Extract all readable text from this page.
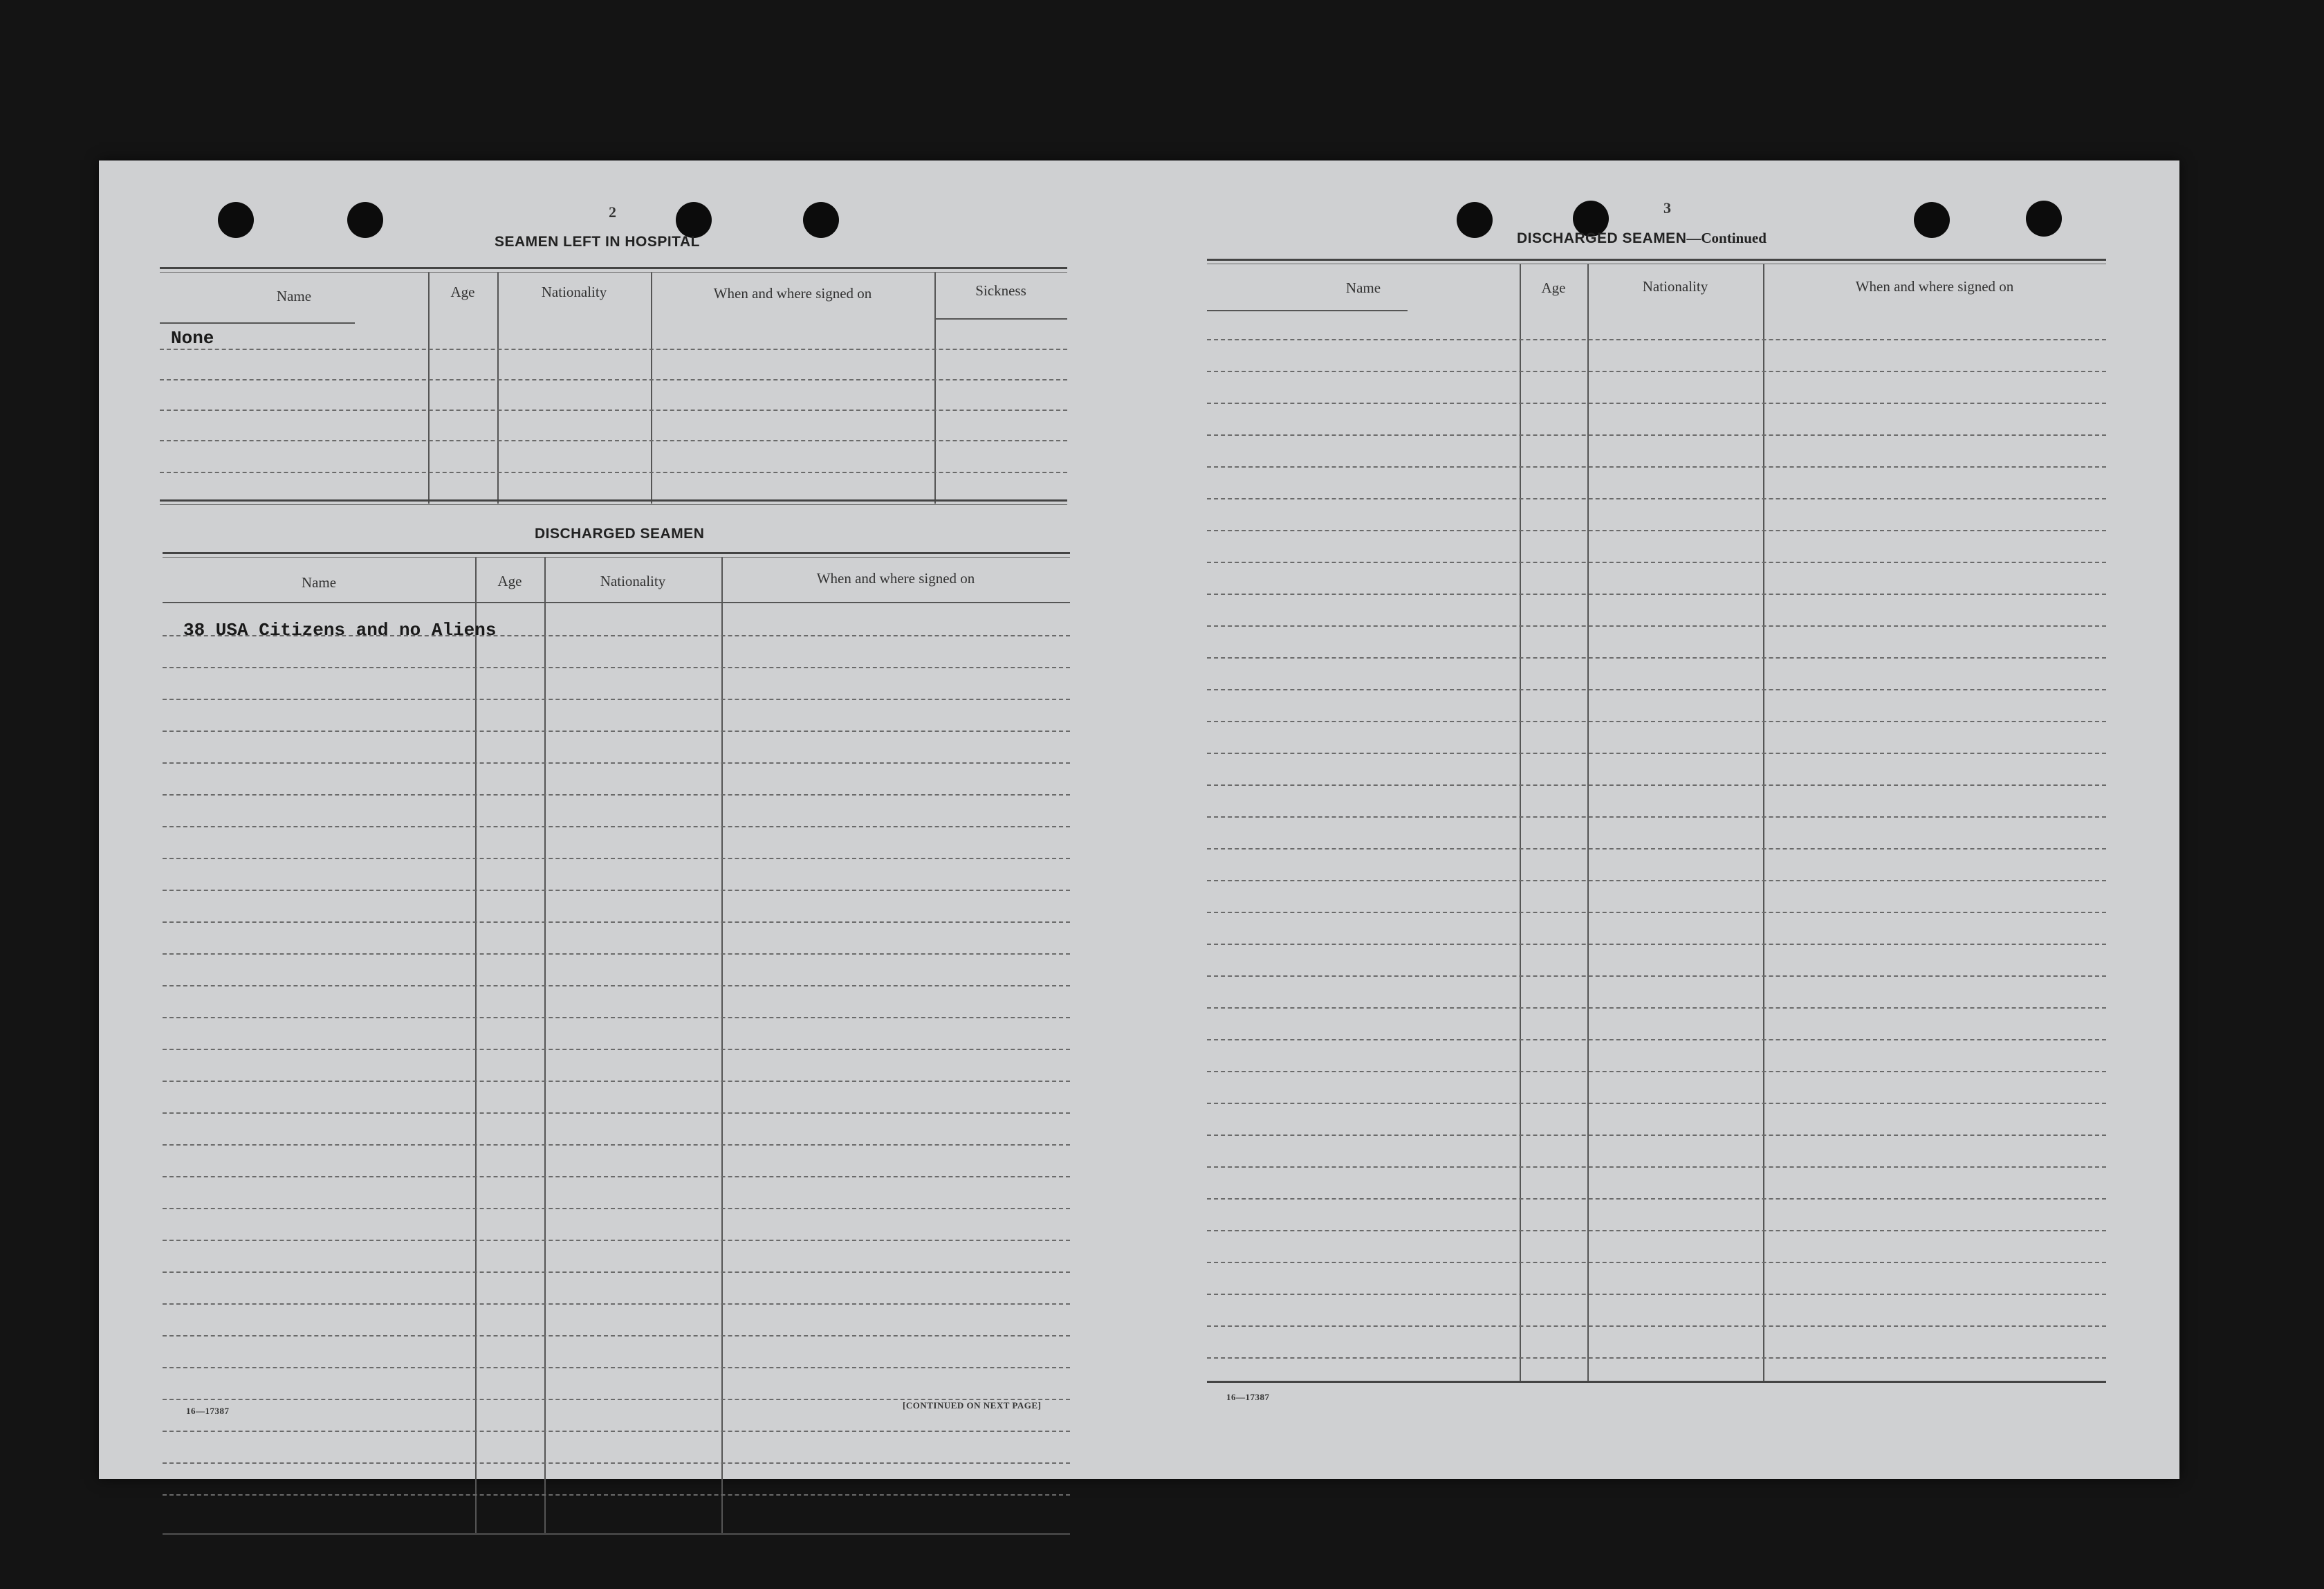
2
SEAMEN LEFT IN HOSPITAL
Name	Age	Nationality	When and where signed on	Sickness
None
DISCHARGED SEAMEN
Name	Age	Nationality	When and where signed on
38 USA Citizens and no Aliens
16—17387
[CONTINUED ON NEXT PAGE]
3
DISCHARGED SEAMEN—Continued
Name	Age	Nationality	When and where signed on
16—17387
